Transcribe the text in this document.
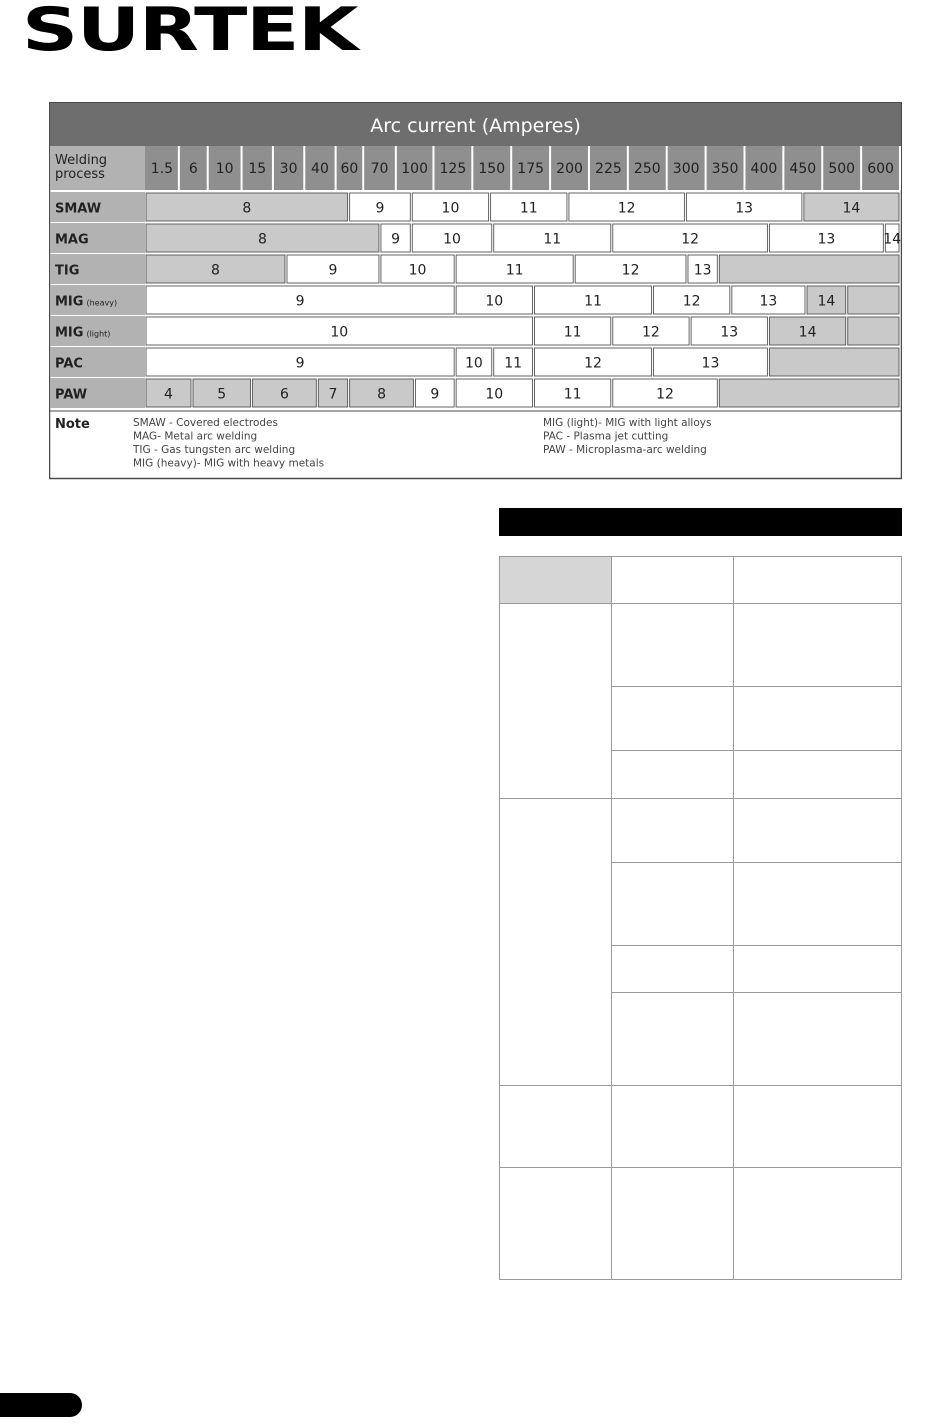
SURTEK
Arc current (Amperes)
Welding
process	1.5 6 10 15 30 40 60 70 100 125 150 175 200 225 250 300 350 400 450 500 600
SMAW	8	9	10	11	12	13	14
MAG	8	9	10	11	12	13	14
TIG	8	9	10	11	12	13
MIG (heavy)	9	10	11	12	13	14
MIG (light)	10	11	12	13	14
PAC	9	10 11	12	13
PAW	4	5	6	7	8	9	10	11	12
Note	SMAW - Covered electrodes
MAG- Metal arc welding
TIG - Gas tungsten arc welding
MIG (heavy)- MIG with heavy metals
MIG (light)- MIG with light alloys
PAC - Plasma jet cutting
PAW - Microplasma-arc welding
